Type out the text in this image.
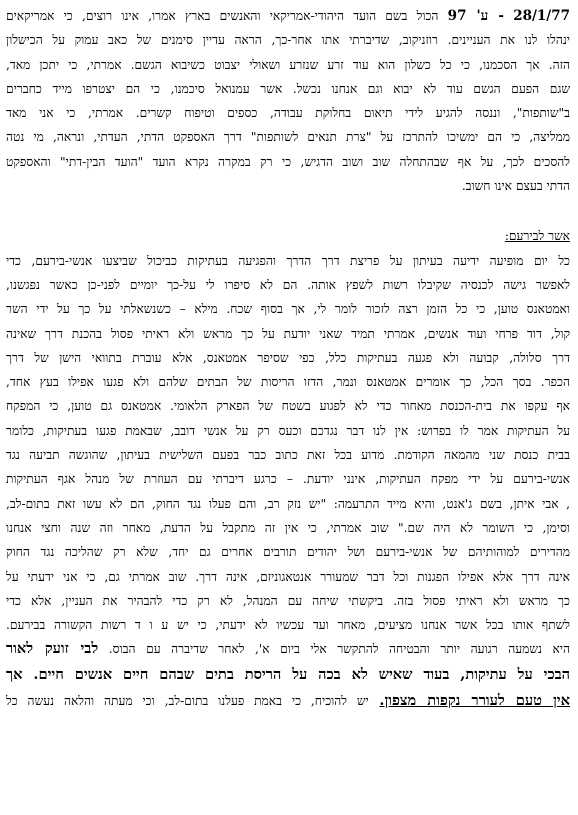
28/1/77 - ע' 97 הכול בשם הועד היהודי-אמריקאי והאנשים בארץ אמרו, אינו רוצים, כי אמריקאים
ינהלו לנו את העניינים. רוזניקוב, שדיברתי אתו אחר-כך, הראה עדיין סימנים של כאב עמוק על הכישלון
הזה. אך הסכמנו, כי כל כשלון הוא עוד זרע שנזרע ושאולי יצבוט כשיבוא הגשם. אמרתי, כי יתכן מאד,
שגם הפעם הגשם עוד לא יבוא וגם אנחנו נכשל. אשר עמנואל סיכמנו, כי הם יצטרפו מייד כחברים
ב"שותפות", וננסה להגיע לידי תיאום בחלוקת עבודה, כספים וטיפוח קשרים. אמרתי, כי אני מאד
ממליצה, כי הם ימשיכו להתרכז על "צרת תנאים לשותפות" דרך האספקט הדתי, העדתי, ונראה, מי נטה
להסכים לכך, על אף שבהתחלה שוב ושוב הדגיש, כי רק במקרה נקרא הועד "הועד הבין-דתי" והאספקט
הדתי בעצם אינו חשוב.
אשר לבירעם:
כל יום מופיעה ידיעה בעיתון על פריצת דרך הדרך והפגיעה בעתיקות כביכול שביצעו אנשי-בירעם, כדי
לאפשר גישה לכנסיה שקיבלו רשות לשפץ אותה. הם לא סיפרו לי על-כך יומיים לפני-כן כאשר נפגשנו,
ואמטאנס טוען, כי כל הזמן רצה לזכור לומר לי, אך בסוף שכח. מילא – כשנשאלתי על כך על ידי השר
קול, דוד פרחי ועוד אנשים, אמרתי תמיד שאני יודעת על כך מראש ולא ראיתי פסול בהכנת דרך שאינה
דרך סלולה, קבועה ולא פגעה בעתיקות כלל, כפי שסיפר אמטאנס, אלא עוברת בתוואי הישן של דרך
הכפר. בסך הכל, כך אומרים אמטאנס ונמר, הדזו הריסות של הבתים שלהם ולא פגעו אפילו בעץ אחד,
אף עקפו את בית-הכנסת מאחור כדי לא לפגוע בשטח של הפארק הלאומי. אמטאנס גם טוען, כי המפקח
על העתיקות אמר לו בפרוש: אין לנו דבר נגדכם וכעס רק על אנשי דובב, שבאמת פגעו בעתיקות, כלומר
בבית כנסת שני מהמאה הקודמת. מדוע בכל זאת כתוב כבר בפעם השלישית בעיתון, שהוגשה תביעה נגד
אנשי-בירעם על ידי מפקח העתיקות, אינני יודעת. – כרגע דיברתי עם העוזרת של מנהל אגף העתיקות
, אבי איתן, בשם ג'אנט, והיא מייד התרעמה: "יש נזק רב, והם פעלו נגד החוק, הם לא עשו זאת בתום-לב,
וסימן, כי השומר לא היה שם." שוב אמרתי, כי אין זה מתקבל על הדעת, מאחר וזה שנה וחצי אנחנו
מהדירים למוהותיהם של אנשי-בירעם ושל יהודים תורבים אחרים גם יחד, שלא רק שהליכה נגד החוק
אינה דרך אלא אפילו הפגנות וכל דבר שמעורר אנטאגוניזם, אינה דרך. שוב אמרתי גם, כי אני ידעתי על
כך מראש ולא ראיתי פסול בזה. ביקשתי שיחה עם המנהל, לא רק כדי להבהיר את העניין, אלא כדי
לשתף אותו בכל אשר אנחנו מציעים, מאחר ועד עכשיו לא ידעתי, כי יש ע ו ד רשות הקשורה בבירעם.
היא נשמעה רגועה יותר והבטיחה להתקשר אלי ביום א', לאחר שדיברה עם הבוס. לבי זועק לאור
הבכי על עתיקות, בעוד שאיש לא בכה על הריסת בתים שבהם חיים אנשים חיים. אך
אין טעם לעורר נקפות מצפון. יש להוכיח, כי באמת פעלנו בתום-לב, וכי מעתה והלאה נעשה כל
